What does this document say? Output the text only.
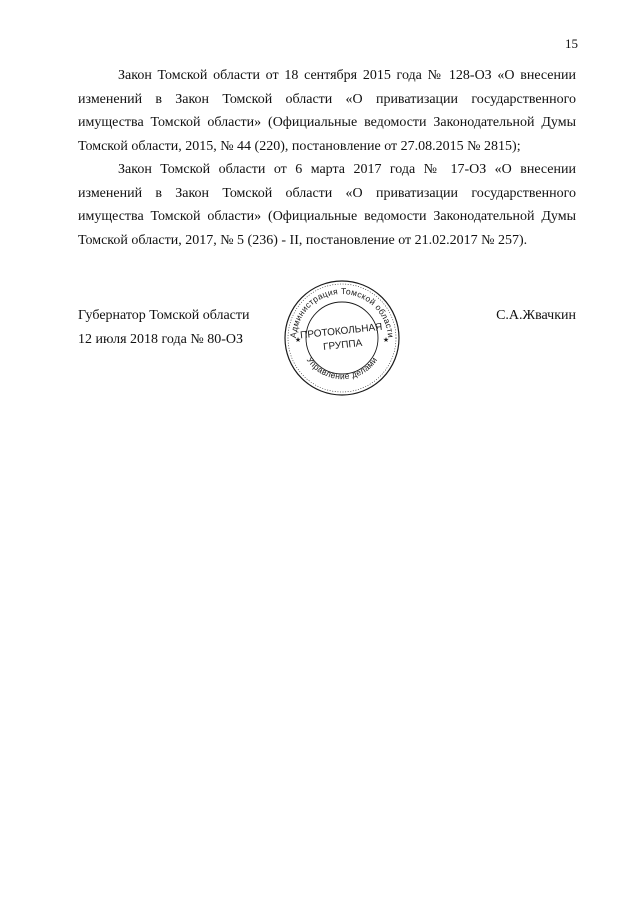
15

Закон Томской области от 18 сентября 2015 года № 128-ОЗ «О внесении изменений в Закон Томской области «О приватизации государственного имущества Томской области» (Официальные ведомости Законодательной Думы Томской области, 2015, № 44 (220), постановление от 27.08.2015 № 2815);

Закон Томской области от 6 марта 2017 года № 17-ОЗ «О внесении изменений в Закон Томской области «О приватизации государственного имущества Томской области» (Официальные ведомости Законодательной Думы Томской области, 2017, № 5 (236) - II, постановление от 21.02.2017 № 257).

Губернатор Томской области
12 июля 2018 года № 80-ОЗ
С.А.Жвачкин
Администрация Томской области
Управление делами
★	★
ПРОТОКОЛЬНАЯ
ГРУППА
